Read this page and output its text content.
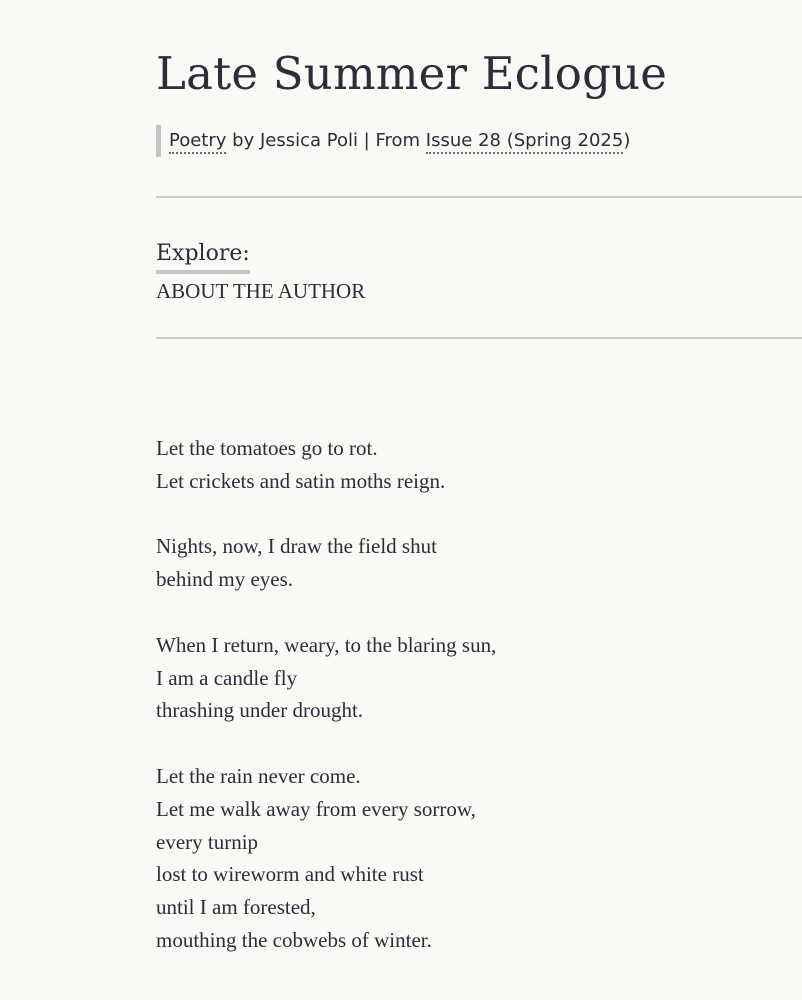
Late Summer Eclogue
Poetry by Jessica Poli | From Issue 28 (Spring 2025)
Explore:
ABOUT THE AUTHOR
Let the tomatoes go to rot.
Let crickets and satin moths reign.
Nights, now, I draw the field shut
behind my eyes.
When I return, weary, to the blaring sun,
I am a candle fly
thrashing under drought.
Let the rain never come.
Let me walk away from every sorrow,
every turnip
lost to wireworm and white rust
until I am forested,
mouthing the cobwebs of winter.
